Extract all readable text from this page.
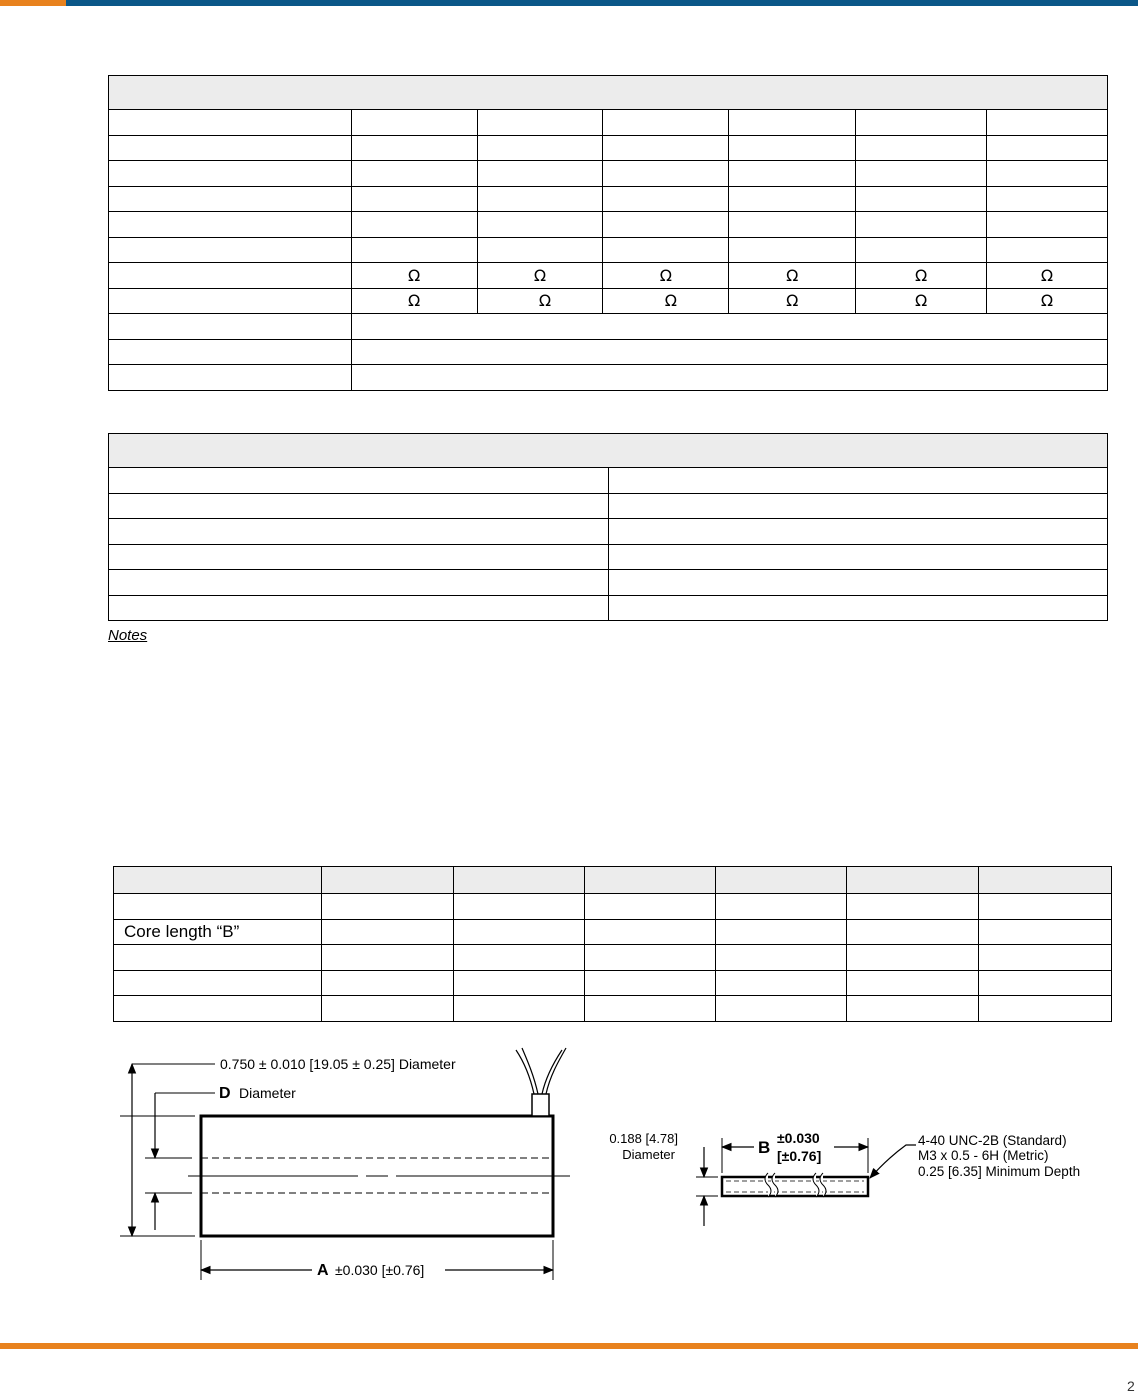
	Ω	Ω	Ω	Ω	Ω	Ω
	Ω	Ω	Ω	Ω	Ω	Ω

Notes

Core length “B”						

0.750 ± 0.010 [19.05 ± 0.25] Diameter
D Diameter
A ±0.030 [±0.76]
0.188 [4.78]
Diameter	B ±0.030
[±0.76]
4-40 UNC-2B (Standard)
M3 x 0.5 - 6H (Metric)
0.25 [6.35] Minimum Depth
2
